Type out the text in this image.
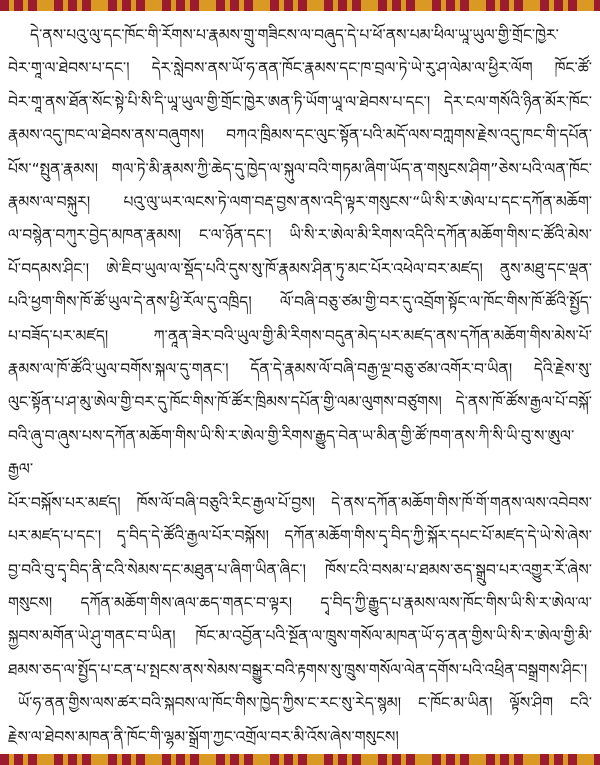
དེ་ནས་པའུ་ལུ་དང་ཁོང་གི་རོགས་པ་རྣམས་གྲུ་གཟིངས་ལ་བཞུད་དེ་པ་ཕོ་ནས་པམ་ཕིལ་ཡཱ་ཡུལ་གྱི་གྲོང་ཁྱེར་

བེར་གཱ་ལ་ཐེབས་པ་དང་། དེར་སླེབས་ནས་ཡོ་ཧ་ནན་ཁོང་རྣམས་དང་ཁ་བྲལ་ཏེ་ཡེ་རུ་ཤ་ལེམ་ལ་ཕྱིར་ལོག ཁོང་ཚོ་

བེར་གཱ་ནས་ཐོན་སོང་སྟེ་པི་སི་དི་ཡཱ་ཡུལ་གྱི་གྲོང་ཁྱེར་ཨན་ཏི་ཡོག་ཡཱ་ལ་ཐེབས་པ་དང་། དེར་ངལ་གསོའི་ཉིན་མོར་ཁོང་

རྣམས་འདུ་ཁང་ལ་ཐེབས་ནས་བཞུགས། བཀའ་ཁྲིམས་དང་ལུང་སྟོན་པའི་མདོ་ལས་བཀླགས་རྗེས་འདུ་ཁང་གི་དཔོན་

པོས་“སྤུན་རྣམས། གལ་ཏེ་མི་རྣམས་ཀྱི་ཆེད་དུ་ཁྱེད་ལ་སྐུལ་བའི་གཏམ་ཞིག་ཡོད་ན་གསུངས་ཤིག”ཅེས་པའི་ལན་ཁོང་

རྣམས་ལ་བསྐུར། པའུ་ལུ་ཡར་ལངས་ཏེ་ལག་བརྡ་བྱས་ནས་འདི་ལྟར་གསུངས་“ཡི་སི་ར་ཨེལ་པ་དང་དཀོན་མཆོག་

ལ་བསྙེན་བཀུར་བྱེད་མཁན་རྣམས། ང་ལ་ཉོན་དང་། ཡི་སི་ར་ཨེལ་མི་རིགས་འདིའི་དཀོན་མཆོག་གིས་ང་ཚོའི་མེས་

པོ་བདམས་ཤིང་། ཨེ་ཇིབ་ཡུལ་ལ་སྡོད་པའི་དུས་སུ་ཁོ་རྣམས་ཤིན་ཏུ་མང་པོར་འཕེལ་བར་མཛད། ནུས་མཐུ་དང་ལྡན་

པའི་ཕྱག་གིས་ཁོ་ཚོ་ཡུལ་དེ་ནས་ཕྱི་རོལ་དུ་འཁྲིད། ལོ་བཞི་བཅུ་ཙམ་གྱི་བར་དུ་འབྲོག་སྟོང་ལ་ཁོང་གིས་ཁོ་ཚོའི་སྤྱོད་

པ་བཟོད་པར་མཛད། ཀ་ནཱན་ཟེར་བའི་ཡུལ་གྱི་མི་རིགས་བདུན་མེད་པར་མཛད་ནས་དཀོན་མཆོག་གིས་མེས་པོ་

རྣམས་ལ་ཁོ་ཚོའི་ཡུལ་བགོས་སྐལ་དུ་གནང་། དོན་དེ་རྣམས་ལོ་བཞི་བརྒྱ་ལྔ་བཅུ་ཙམ་འགོར་བ་ཡིན། དེའི་རྗེས་སུ་

ལུང་སྟོན་པ་ཤ་མུ་ཨེལ་གྱི་བར་དུ་ཁོང་གིས་ཁོ་ཚོར་ཁྲིམས་དཔོན་གྱི་ལམ་ལུགས་བཙུགས། དེ་ནས་ཁོ་ཚོས་རྒྱལ་པོ་བསྐོ་

བའི་ཞུ་བ་ཞུས་པས་དཀོན་མཆོག་གིས་ཡི་སི་ར་ཨེལ་གྱི་རིགས་རྒྱུད་བེན་ཡ་མིན་གྱི་ཚོ་ཁག་ནས་ཀི་སི་ཡི་བུ་ས་ཨུལ་རྒྱལ་

པོར་བསྐོས་པར་མཛད། ཁོས་ལོ་བཞི་བཅུའི་རིང་རྒྱལ་པོ་བྱས། དེ་ནས་དཀོན་མཆོག་གིས་ཁོ་གོ་གནས་ལས་འབེབས་

པར་མཛད་པ་དང་། དྭ་བིད་དེ་ཚོའི་རྒྱལ་པོར་བསྐོས། དཀོན་མཆོག་གིས་དྭ་བིད་ཀྱི་སྐོར་དཔང་པོ་མཛད་དེ་ཡེ་སེ་ཞེས་

བྱ་བའི་བུ་དྭ་བིད་ནི་ངའི་སེམས་དང་མཐུན་པ་ཞིག་ཡིན་ཞིང་། ཁོས་ངའི་བསམ་པ་ཐམས་ཅད་སྒྲུབ་པར་འགྱུར་རོ་ཞེས་

གསུངས། དཀོན་མཆོག་གིས་ཞལ་ཆད་གནང་བ་ལྟར། དྭ་བིད་ཀྱི་རྒྱུད་པ་རྣམས་ལས་ཁོང་གིས་ཡི་སི་ར་ཨེལ་ལ་

སྐྱབས་མགོན་ཡེ་ཤུ་གནང་བ་ཡིན། ཁོང་མ་འབྱོན་པའི་སྔོན་ལ་ཁྲུས་གསོལ་མཁན་ཡོ་ཧ་ནན་གྱིས་ཡི་སི་ར་ཨེལ་གྱི་མི་

ཐམས་ཅད་ལ་སྤྱོད་པ་ངན་པ་སྤངས་ནས་སེམས་བསྒྱུར་བའི་རྟགས་སུ་ཁྲུས་གསོལ་ལེན་དགོས་པའི་འཕྲིན་བསྒྲགས་ཤིང་།

ཡོ་ཧ་ནན་གྱིས་ལས་ཚར་བའི་སྐབས་ལ་ཁོང་གིས་ཁྱེད་ཀྱིས་ང་རང་སུ་རེད་སྙམ། ང་ཁོང་མ་ཡིན། ལྟོས་ཤིག ངའི་

རྗེས་ལ་ཐེབས་མཁན་ནི་ཁོང་གི་ལྷམ་སྒྲོག་ཀྱང་འགྲོལ་བར་མི་འོས་ཞེས་གསུངས།
